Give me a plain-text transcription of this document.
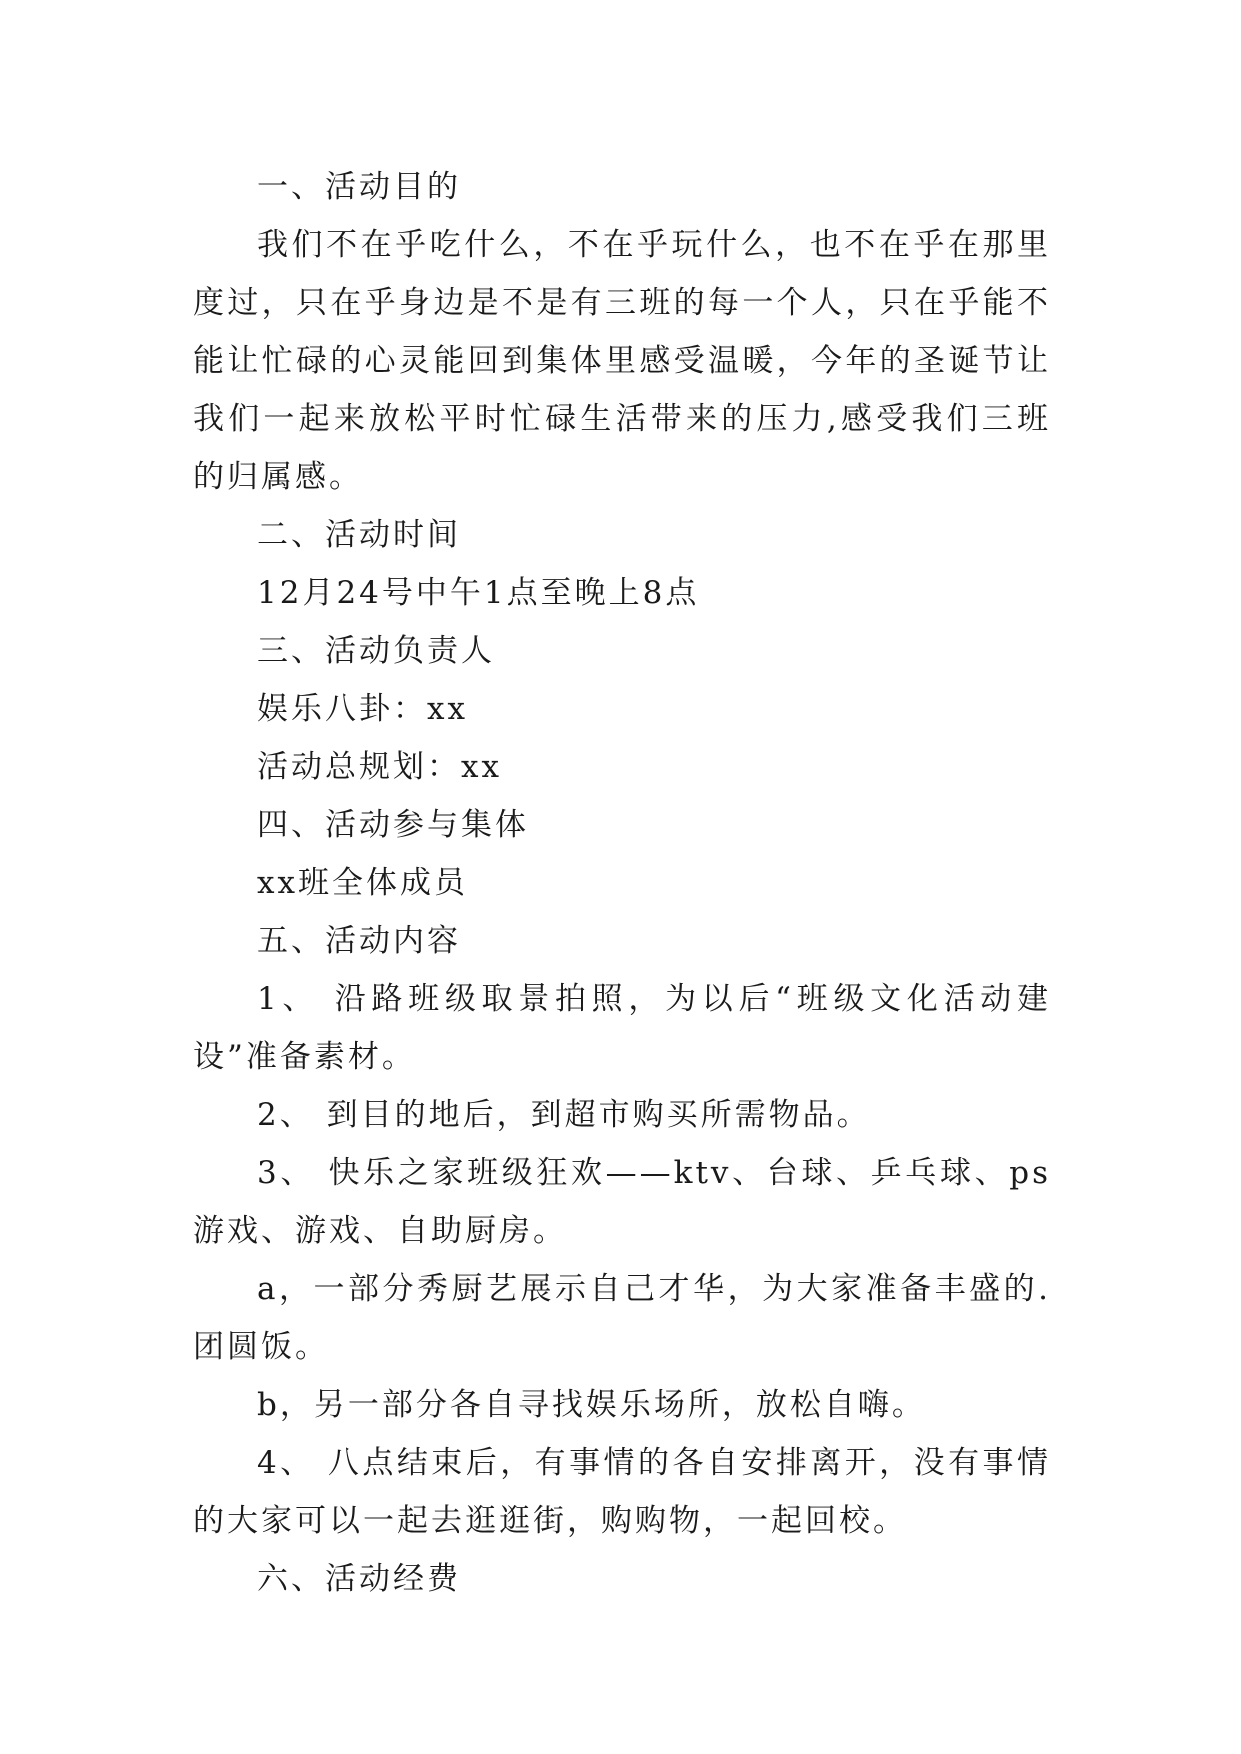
一、活动目的

我们不在乎吃什么，不在乎玩什么，也不在乎在那里度过，只在乎身边是不是有三班的每一个人，只在乎能不能让忙碌的心灵能回到集体里感受温暖，今年的圣诞节让我们一起来放松平时忙碌生活带来的压力,感受我们三班的归属感。

二、活动时间

12月24号中午1点至晚上8点

三、活动负责人

娱乐八卦：xx

活动总规划：xx

四、活动参与集体

xx班全体成员

五、活动内容

1、 沿路班级取景拍照，为以后“班级文化活动建设”准备素材。

2、 到目的地后，到超市购买所需物品。

3、 快乐之家班级狂欢——ktv、台球、乒乓球、ps游戏、游戏、自助厨房。

a，一部分秀厨艺展示自己才华，为大家准备丰盛的.团圆饭。

b，另一部分各自寻找娱乐场所，放松自嗨。

4、 八点结束后，有事情的各自安排离开，没有事情的大家可以一起去逛逛街，购购物，一起回校。

六、活动经费
